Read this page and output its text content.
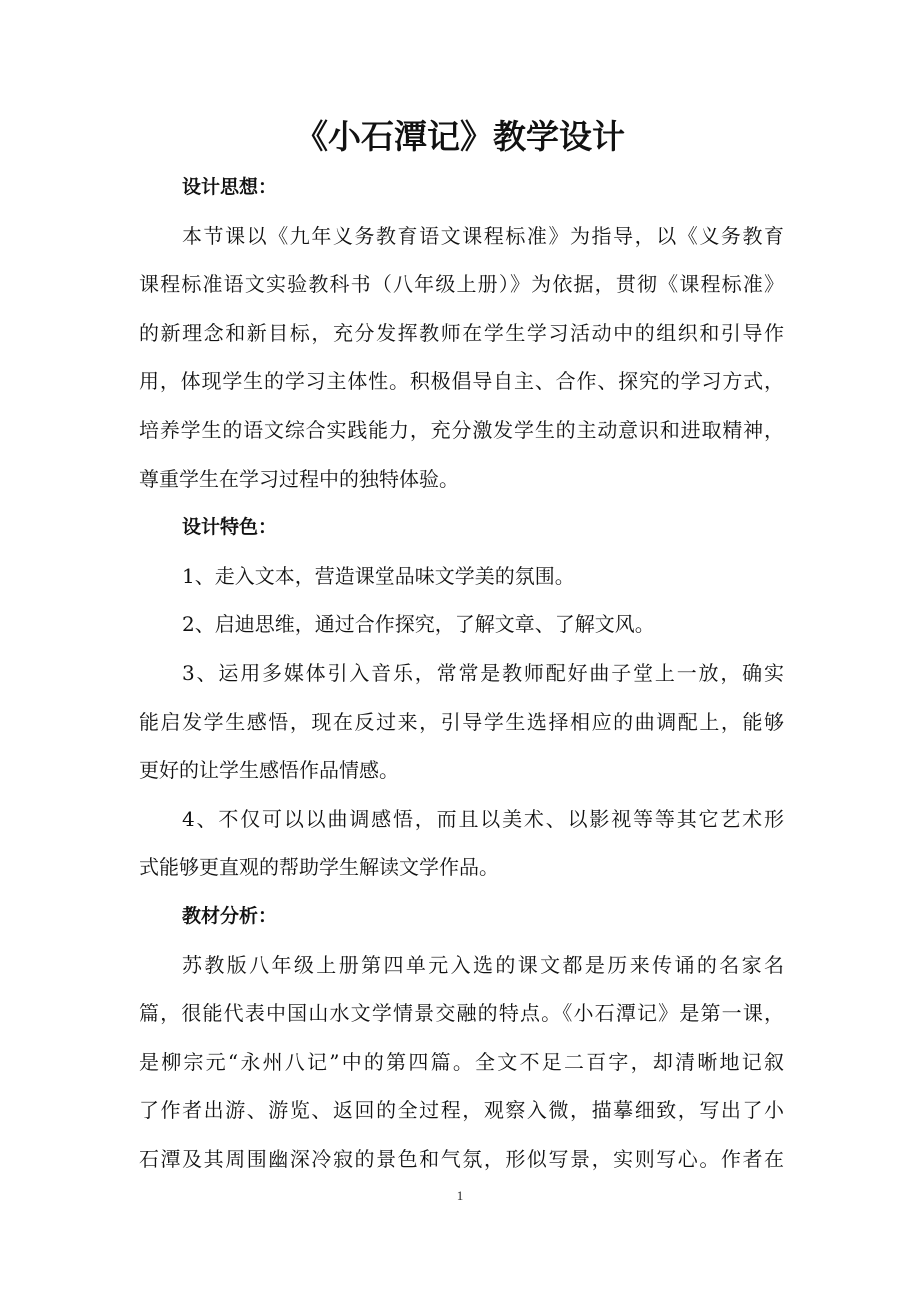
《小石潭记》教学设计
设计思想：
本节课以《九年义务教育语文课程标准》为指导，以《义务教育
课程标准语文实验教科书（八年级上册）》为依据，贯彻《课程标准》
的新理念和新目标，充分发挥教师在学生学习活动中的组织和引导作
用，体现学生的学习主体性。积极倡导自主、合作、探究的学习方式，
培养学生的语文综合实践能力，充分激发学生的主动意识和进取精神，
尊重学生在学习过程中的独特体验。
设计特色：
1、走入文本，营造课堂品味文学美的氛围。
2、启迪思维，通过合作探究，了解文章、了解文风。
3、运用多媒体引入音乐，常常是教师配好曲子堂上一放，确实
能启发学生感悟，现在反过来，引导学生选择相应的曲调配上，能够
更好的让学生感悟作品情感。
4、不仅可以以曲调感悟，而且以美术、以影视等等其它艺术形
式能够更直观的帮助学生解读文学作品。
教材分析：
苏教版八年级上册第四单元入选的课文都是历来传诵的名家名
篇，很能代表中国山水文学情景交融的特点。《小石潭记》是第一课，
是柳宗元“永州八记”中的第四篇。全文不足二百字，却清晰地记叙
了作者出游、游览、返回的全过程，观察入微，描摹细致，写出了小
石潭及其周围幽深冷寂的景色和气氛，形似写景，实则写心。作者在
1
